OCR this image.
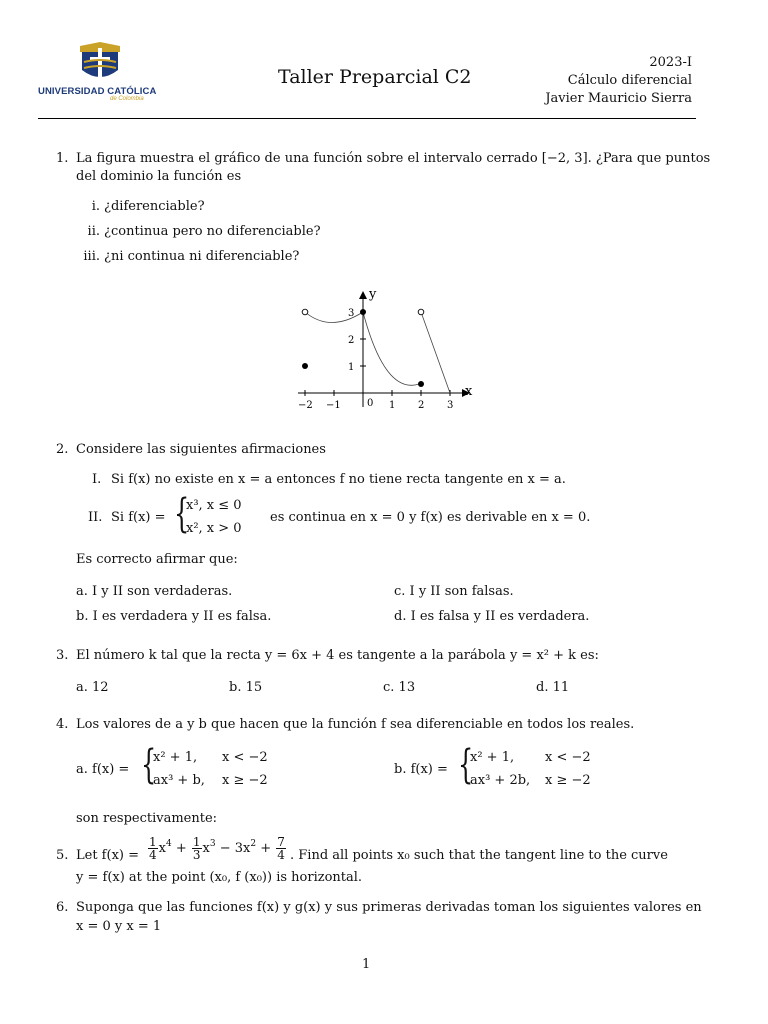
UNIVERSIDAD CATÓLICA
de Colombia
Taller Preparcial C2
2023-I
Cálculo diferencial
Javier Mauricio Sierra
1. La figura muestra el gráfico de una función sobre el intervalo cerrado [−2, 3]. ¿Para que puntos
del dominio la función es
i. ¿diferenciable?
ii. ¿continua pero no diferenciable?
iii. ¿ni continua ni diferenciable?
−2 −1	0 1 2 3
1
2
3
x
y
2. Considere las siguientes afirmaciones
I. Si f(x) no existe en x = a entonces f no tiene recta tangente en x = a.
II. Si f(x) = {
x³, x ≤ 0
x², x > 0
es continua en x = 0 y f(x) es derivable en x = 0.
Es correcto afirmar que:
a. I y II son verdaderas.
b. I es verdadera y II es falsa.
c. I y II son falsas.
d. I es falsa y II es verdadera.
3. El número k tal que la recta y = 6x + 4 es tangente a la parábola y = x² + k es:
a. 12	b. 15	c. 13	d. 11
4. Los valores de a y b que hacen que la función f sea diferenciable en todos los reales.
a. f(x) = {
x² + 1, x < −2
ax³ + b, x ≥ −2
b. f(x) = {
x² + 1, x < −2
ax³ + 2b, x ≥ −2
son respectivamente:
5. Let $f(x) = \frac{1}{4} x^4 + \frac{1}{3} x^3 - 3x^2 + \frac{7}{4}$ . Find all points x₀ such that the tangent line to the curve
y = f(x) at the point (x₀, f (x₀)) is horizontal.
6. Suponga que las funciones f(x) y g(x) y sus primeras derivadas toman los siguientes valores en
x = 0 y x = 1
1
